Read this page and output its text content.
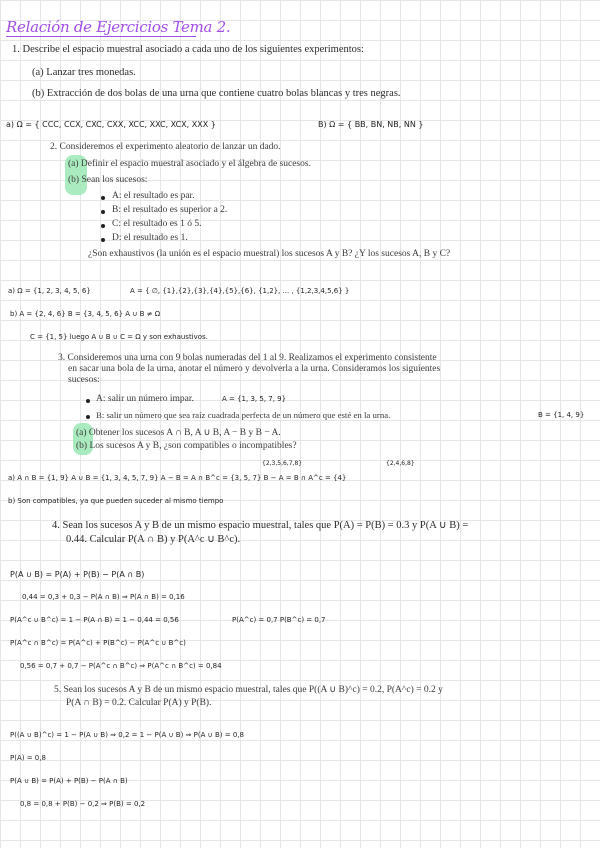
Relación de Ejercicios Tema 2.
1. Describe el espacio muestral asociado a cada uno de los siguientes experimentos:
(a) Lanzar tres monedas.
(b) Extracción de dos bolas de una urna que contiene cuatro bolas blancas y tres negras.
a) Ω = { CCC, CCX, CXC, CXX, XCC, XXC, XCX, XXX }	B) Ω = { BB, BN, NB, NN }
2. Consideremos el experimento aleatorio de lanzar un dado.
(a) Definir el espacio muestral asociado y el álgebra de sucesos.
(b) Sean los sucesos:
A: el resultado es par.
B: el resultado es superior a 2.
C: el resultado es 1 ó 5.
D: el resultado es 1.
¿Son exhaustivos (la unión es el espacio muestral) los sucesos A y B? ¿Y los sucesos A, B y C?
a) Ω = {1, 2, 3, 4, 5, 6}	A = { ∅, {1},{2},{3},{4},{5},{6}, {1,2}, ... , {1,2,3,4,5,6} }
b) A = {2, 4, 6} B = {3, 4, 5, 6} A ∪ B ≠ Ω
C = {1, 5} luego A ∪ B ∪ C = Ω y son exhaustivos.
3. Consideremos una urna con 9 bolas numeradas del 1 al 9. Realizamos el experimento consistente
en sacar una bola de la urna, anotar el número y devolverla a la urna. Consideramos los siguientes
sucesos:
A: salir un número impar.	A = {1, 3, 5, 7, 9}
B: salir un número que sea raíz cuadrada perfecta de un número que esté en la urna.	B = {1, 4, 9}
(a) Obtener los sucesos A ∩ B, A ∪ B, A − B y B − A.
(b) Los sucesos A y B, ¿son compatibles o incompatibles?
{2,3,5,6,7,8}	{2,4,6,8}
a) A ∩ B = {1, 9} A ∪ B = {1, 3, 4, 5, 7, 9} A − B = A ∩ B^c = {3, 5, 7} B − A = B ∩ A^c = {4}
b) Son compatibles, ya que pueden suceder al mismo tiempo
4. Sean los sucesos A y B de un mismo espacio muestral, tales que P(A) = P(B) = 0.3 y P(A ∪ B) =
0.44. Calcular P(A ∩ B) y P(A^c ∪ B^c).
P(A ∪ B) = P(A) + P(B) − P(A ∩ B)
0,44 = 0,3 + 0,3 − P(A ∩ B) ⇒ P(A ∩ B) = 0,16
P(A^c ∪ B^c) = 1 − P(A ∩ B) = 1 − 0,44 = 0,56	P(A^c) = 0,7 P(B^c) = 0,7
P(A^c ∩ B^c) = P(A^c) + P(B^c) − P(A^c ∪ B^c)
0,56 = 0,7 + 0,7 − P(A^c ∩ B^c) ⇒ P(A^c ∩ B^c) = 0,84
5. Sean los sucesos A y B de un mismo espacio muestral, tales que P((A ∪ B)^c) = 0.2, P(A^c) = 0.2 y
P(A ∩ B) = 0.2. Calcular P(A) y P(B).
P((A ∪ B)^c) = 1 − P(A ∪ B) ⇒ 0,2 = 1 − P(A ∪ B) ⇒ P(A ∪ B) = 0,8
P(A) = 0,8
P(A ∪ B) = P(A) + P(B) − P(A ∩ B)
0,8 = 0,8 + P(B) − 0,2 ⇒ P(B) = 0,2
